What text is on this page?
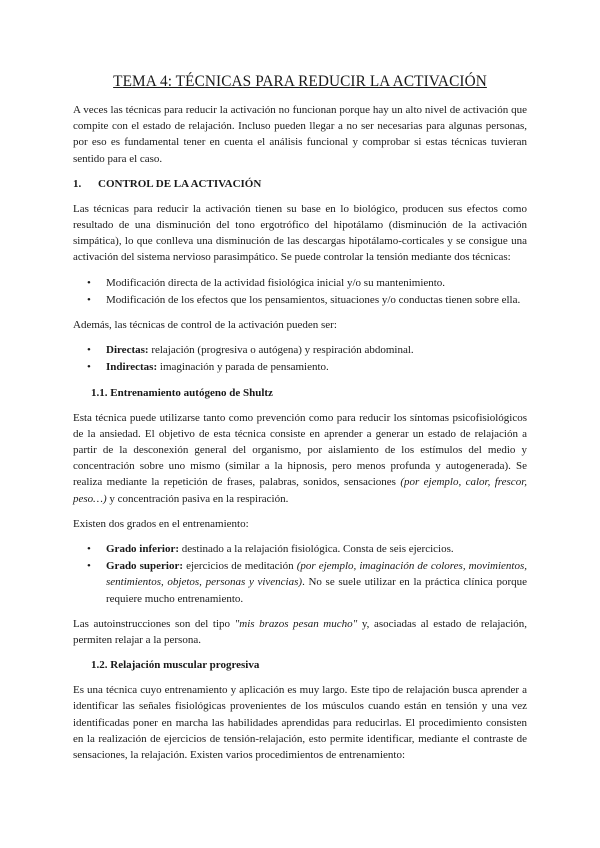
TEMA 4: TÉCNICAS PARA REDUCIR LA ACTIVACIÓN

A veces las técnicas para reducir la activación no funcionan porque hay un alto nivel de activación que compite con el estado de relajación. Incluso pueden llegar a no ser necesarias para algunas personas, por eso es fundamental tener en cuenta el análisis funcional y comprobar si estas técnicas tuvieran sentido para el caso.

1. CONTROL DE LA ACTIVACIÓN

Las técnicas para reducir la activación tienen su base en lo biológico, producen sus efectos como resultado de una disminución del tono ergotrófico del hipotálamo (disminución de la activación simpática), lo que conlleva una disminución de las descargas hipotálamo-corticales y se consigue una activación del sistema nervioso parasimpático. Se puede controlar la tensión mediante dos técnicas:

• Modificación directa de la actividad fisiológica inicial y/o su mantenimiento.
• Modificación de los efectos que los pensamientos, situaciones y/o conductas tienen sobre ella.

Además, las técnicas de control de la activación pueden ser:

• Directas: relajación (progresiva o autógena) y respiración abdominal.
• Indirectas: imaginación y parada de pensamiento.
1.1. Entrenamiento autógeno de Shultz

Esta técnica puede utilizarse tanto como prevención como para reducir los síntomas psicofisiológicos de la ansiedad. El objetivo de esta técnica consiste en aprender a generar un estado de relajación a partir de la desconexión general del organismo, por aislamiento de los estímulos del medio y concentración sobre uno mismo (similar a la hipnosis, pero menos profunda y autogenerada). Se realiza mediante la repetición de frases, palabras, sonidos, sensaciones (por ejemplo, calor, frescor, peso…) y concentración pasiva en la respiración.

Existen dos grados en el entrenamiento:

• Grado inferior: destinado a la relajación fisiológica. Consta de seis ejercicios.
• Grado superior: ejercicios de meditación (por ejemplo, imaginación de colores, movimientos, sentimientos, objetos, personas y vivencias). No se suele utilizar en la práctica clínica porque requiere mucho entrenamiento.

Las autoinstrucciones son del tipo "mis brazos pesan mucho" y, asociadas al estado de relajación, permiten relajar a la persona.

1.2. Relajación muscular progresiva

Es una técnica cuyo entrenamiento y aplicación es muy largo. Este tipo de relajación busca aprender a identificar las señales fisiológicas provenientes de los músculos cuando están en tensión y una vez identificadas poner en marcha las habilidades aprendidas para reducirlas. El procedimiento consisten en la realización de ejercicios de tensión-relajación, esto permite identificar, mediante el contraste de sensaciones, la relajación. Existen varios procedimientos de entrenamiento:
